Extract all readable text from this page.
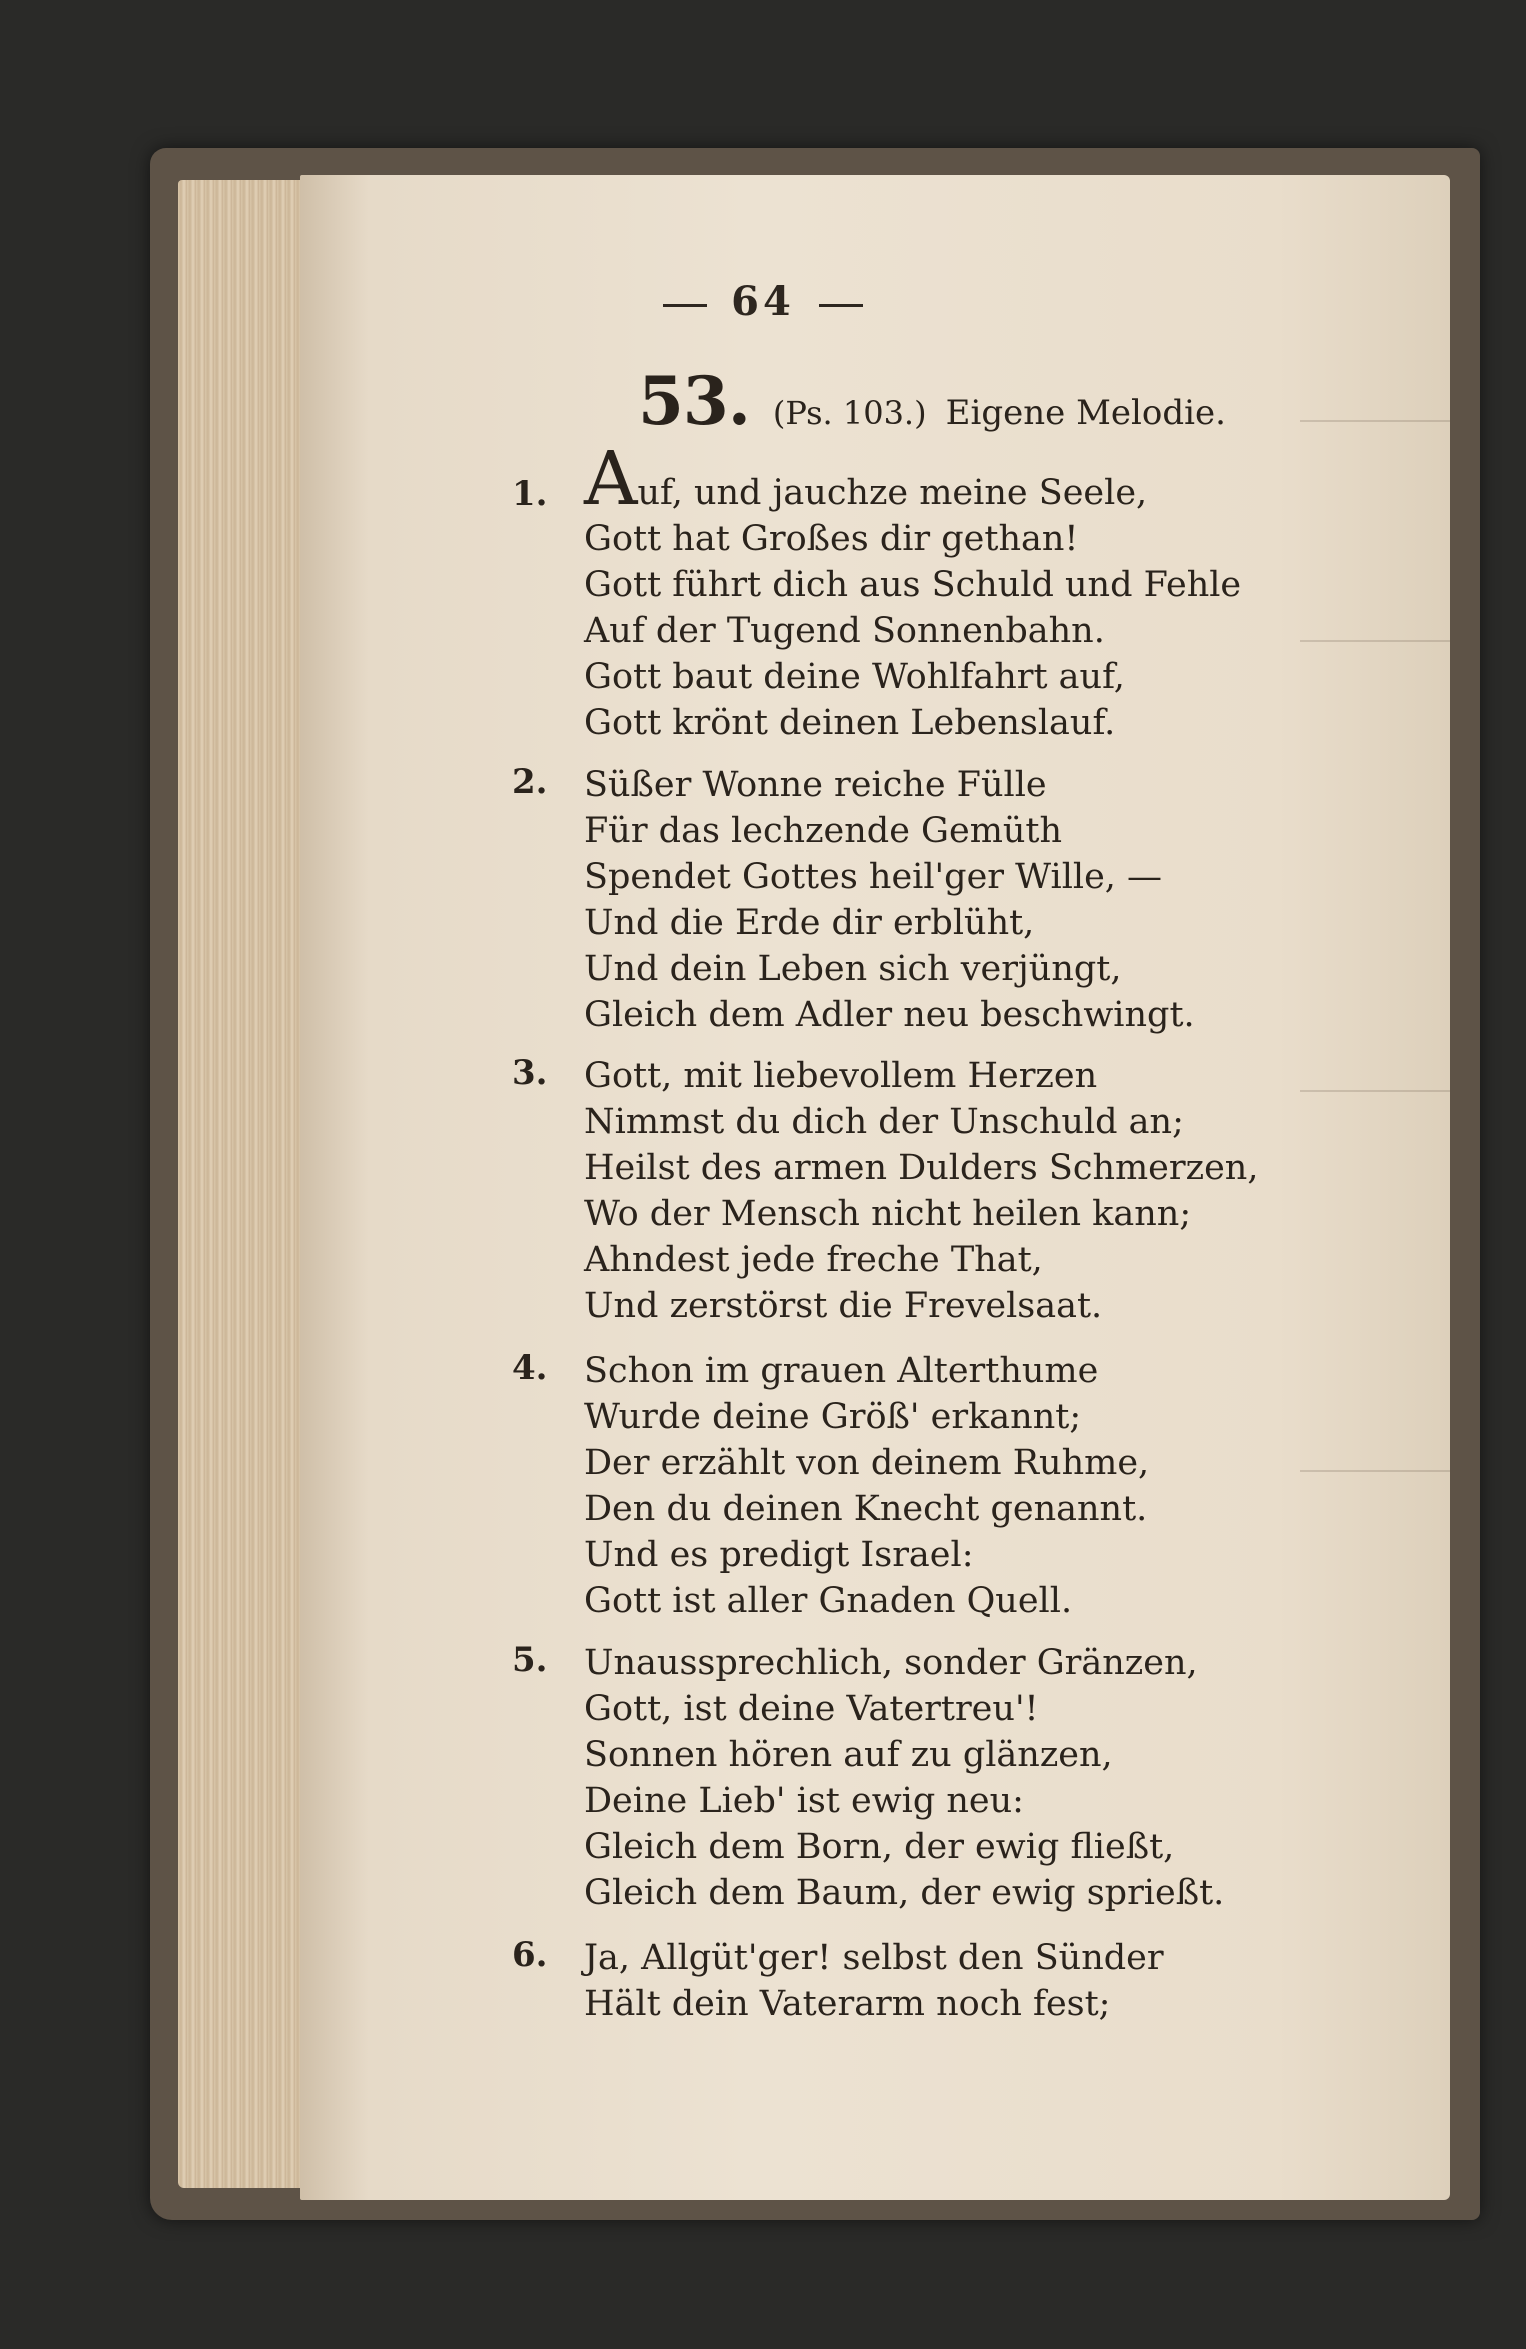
64
53. (Ps. 103.) Eigene Melodie.
1.	Auf, und jauchze meine Seele,
Gott hat Großes dir gethan!
Gott führt dich aus Schuld und Fehle
Auf der Tugend Sonnenbahn.
Gott baut deine Wohlfahrt auf,
Gott krönt deinen Lebenslauf.
2.	Süßer Wonne reiche Fülle
Für das lechzende Gemüth
Spendet Gottes heil'ger Wille, —
Und die Erde dir erblüht,
Und dein Leben sich verjüngt,
Gleich dem Adler neu beschwingt.
3.	Gott, mit liebevollem Herzen
Nimmst du dich der Unschuld an;
Heilst des armen Dulders Schmerzen,
Wo der Mensch nicht heilen kann;
Ahndest jede freche That,
Und zerstörst die Frevelsaat.
4.	Schon im grauen Alterthume
Wurde deine Größ' erkannt;
Der erzählt von deinem Ruhme,
Den du deinen Knecht genannt.
Und es predigt Israel:
Gott ist aller Gnaden Quell.
5.	Unaussprechlich, sonder Gränzen,
Gott, ist deine Vatertreu'!
Sonnen hören auf zu glänzen,
Deine Lieb' ist ewig neu:
Gleich dem Born, der ewig fließt,
Gleich dem Baum, der ewig sprießt.
6.	Ja, Allgüt'ger! selbst den Sünder
Hält dein Vaterarm noch fest;
